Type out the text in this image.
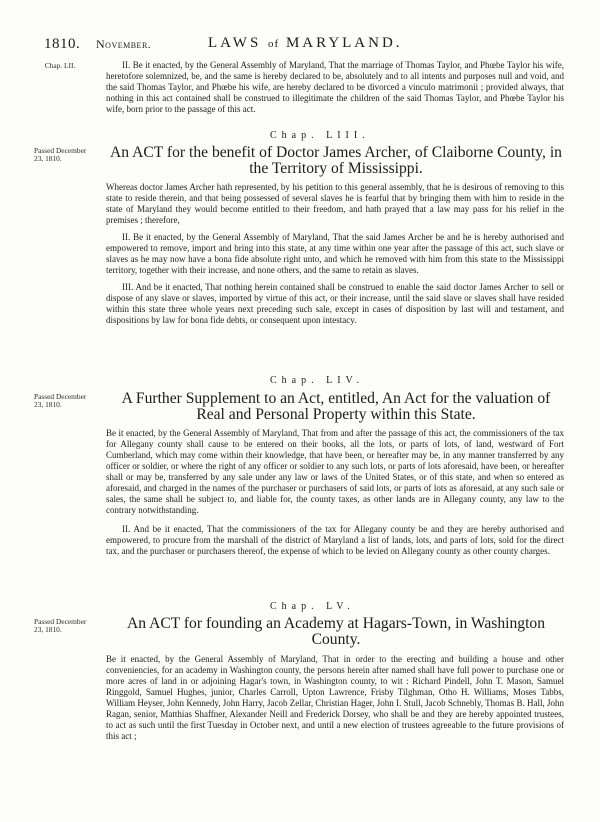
1810. November.	LAWS of MARYLAND.
Chap. LII.	II. Be it enacted, by the General Assembly of Maryland, That the marriage of Thomas Taylor, and Phœbe Taylor his wife, heretofore solemnized, be, and the same is hereby declared to be, absolutely and to all intents and purposes null and void, and the said Thomas Taylor, and Phœbe his wife, are hereby declared to be divorced a vinculo matrimonii ; provided always, that nothing in this act contained shall be construed to illegitimate the children of the said Thomas Taylor, and Phœbe Taylor his wife, born prior to the passage of this act.

Chap. LIII.
Passed December 23, 1810.	An ACT for the benefit of Doctor James Archer, of Claiborne County, in the Territory of Mississippi.

Whereas doctor James Archer hath represented, by his petition to this general assembly, that he is desirous of removing to this state to reside therein, and that being possessed of several slaves he is fearful that by bringing them with him to reside in the state of Maryland they would become entitled to their freedom, and hath prayed that a law may pass for his relief in the premises ; therefore,

II. Be it enacted, by the General Assembly of Maryland, That the said James Archer be and he is hereby authorised and empowered to remove, import and bring into this state, at any time within one year after the passage of this act, such slave or slaves as he may now have a bona fide absolute right unto, and which he removed with him from this state to the Mississippi territory, together with their increase, and none others, and the same to retain as slaves.

III. And be it enacted, That nothing herein contained shall be construed to enable the said doctor James Archer to sell or dispose of any slave or slaves, imported by virtue of this act, or their increase, until the said slave or slaves shall have resided within this state three whole years next preceding such sale, except in cases of disposition by last will and testament, and dispositions by law for bona fide debts, or consequent upon intestacy.

Chap. LIV.
Passed December 23, 1810.	A Further Supplement to an Act, entitled, An Act for the valuation of Real and Personal Property within this State.

Be it enacted, by the General Assembly of Maryland, That from and after the passage of this act, the commissioners of the tax for Allegany county shall cause to be entered on their books, all the lots, or parts of lots, of land, westward of Fort Cumberland, which may come within their knowledge, that have been, or hereafter may be, in any manner transferred by any officer or soldier, or where the right of any officer or soldier to any such lots, or parts of lots aforesaid, have been, or hereafter shall or may be, transferred by any sale under any law or laws of the United States, or of this state, and when so entered as aforesaid, and charged in the names of the purchaser or purchasers of said lots, or parts of lots as aforesaid, at any such sale or sales, the same shall be subject to, and liable for, the county taxes, as other lands are in Allegany county, any law to the contrary notwithstanding.

II. And be it enacted, That the commissioners of the tax for Allegany county be and they are hereby authorised and empowered, to procure from the marshall of the district of Maryland a list of lands, lots, and parts of lots, sold for the direct tax, and the purchaser or purchasers thereof, the expense of which to be levied on Allegany county as other county charges.

Chap. LV.
Passed December 23, 1810.	An ACT for founding an Academy at Hagars-Town, in Washington County.

Be it enacted, by the General Assembly of Maryland, That in order to the erecting and building a house and other conveniencies, for an academy in Washington county, the persons herein after named shall have full power to purchase one or more acres of land in or adjoining Hagar's town, in Washington county, to wit : Richard Pindell, John T. Mason, Samuel Ringgold, Samuel Hughes, junior, Charles Carroll, Upton Lawrence, Frisby Tilghman, Otho H. Williams, Moses Tabbs, William Heyser, John Kennedy, John Harry, Jacob Zellar, Christian Hager, John I. Stull, Jacob Schnebly, Thomas B. Hall, John Ragan, senior, Matthias Shaffner, Alexander Neill and Frederick Dorsey, who shall be and they are hereby appointed trustees, to act as such until the first Tuesday in October next, and until a new election of trustees agreeable to the future provisions of this act ;
